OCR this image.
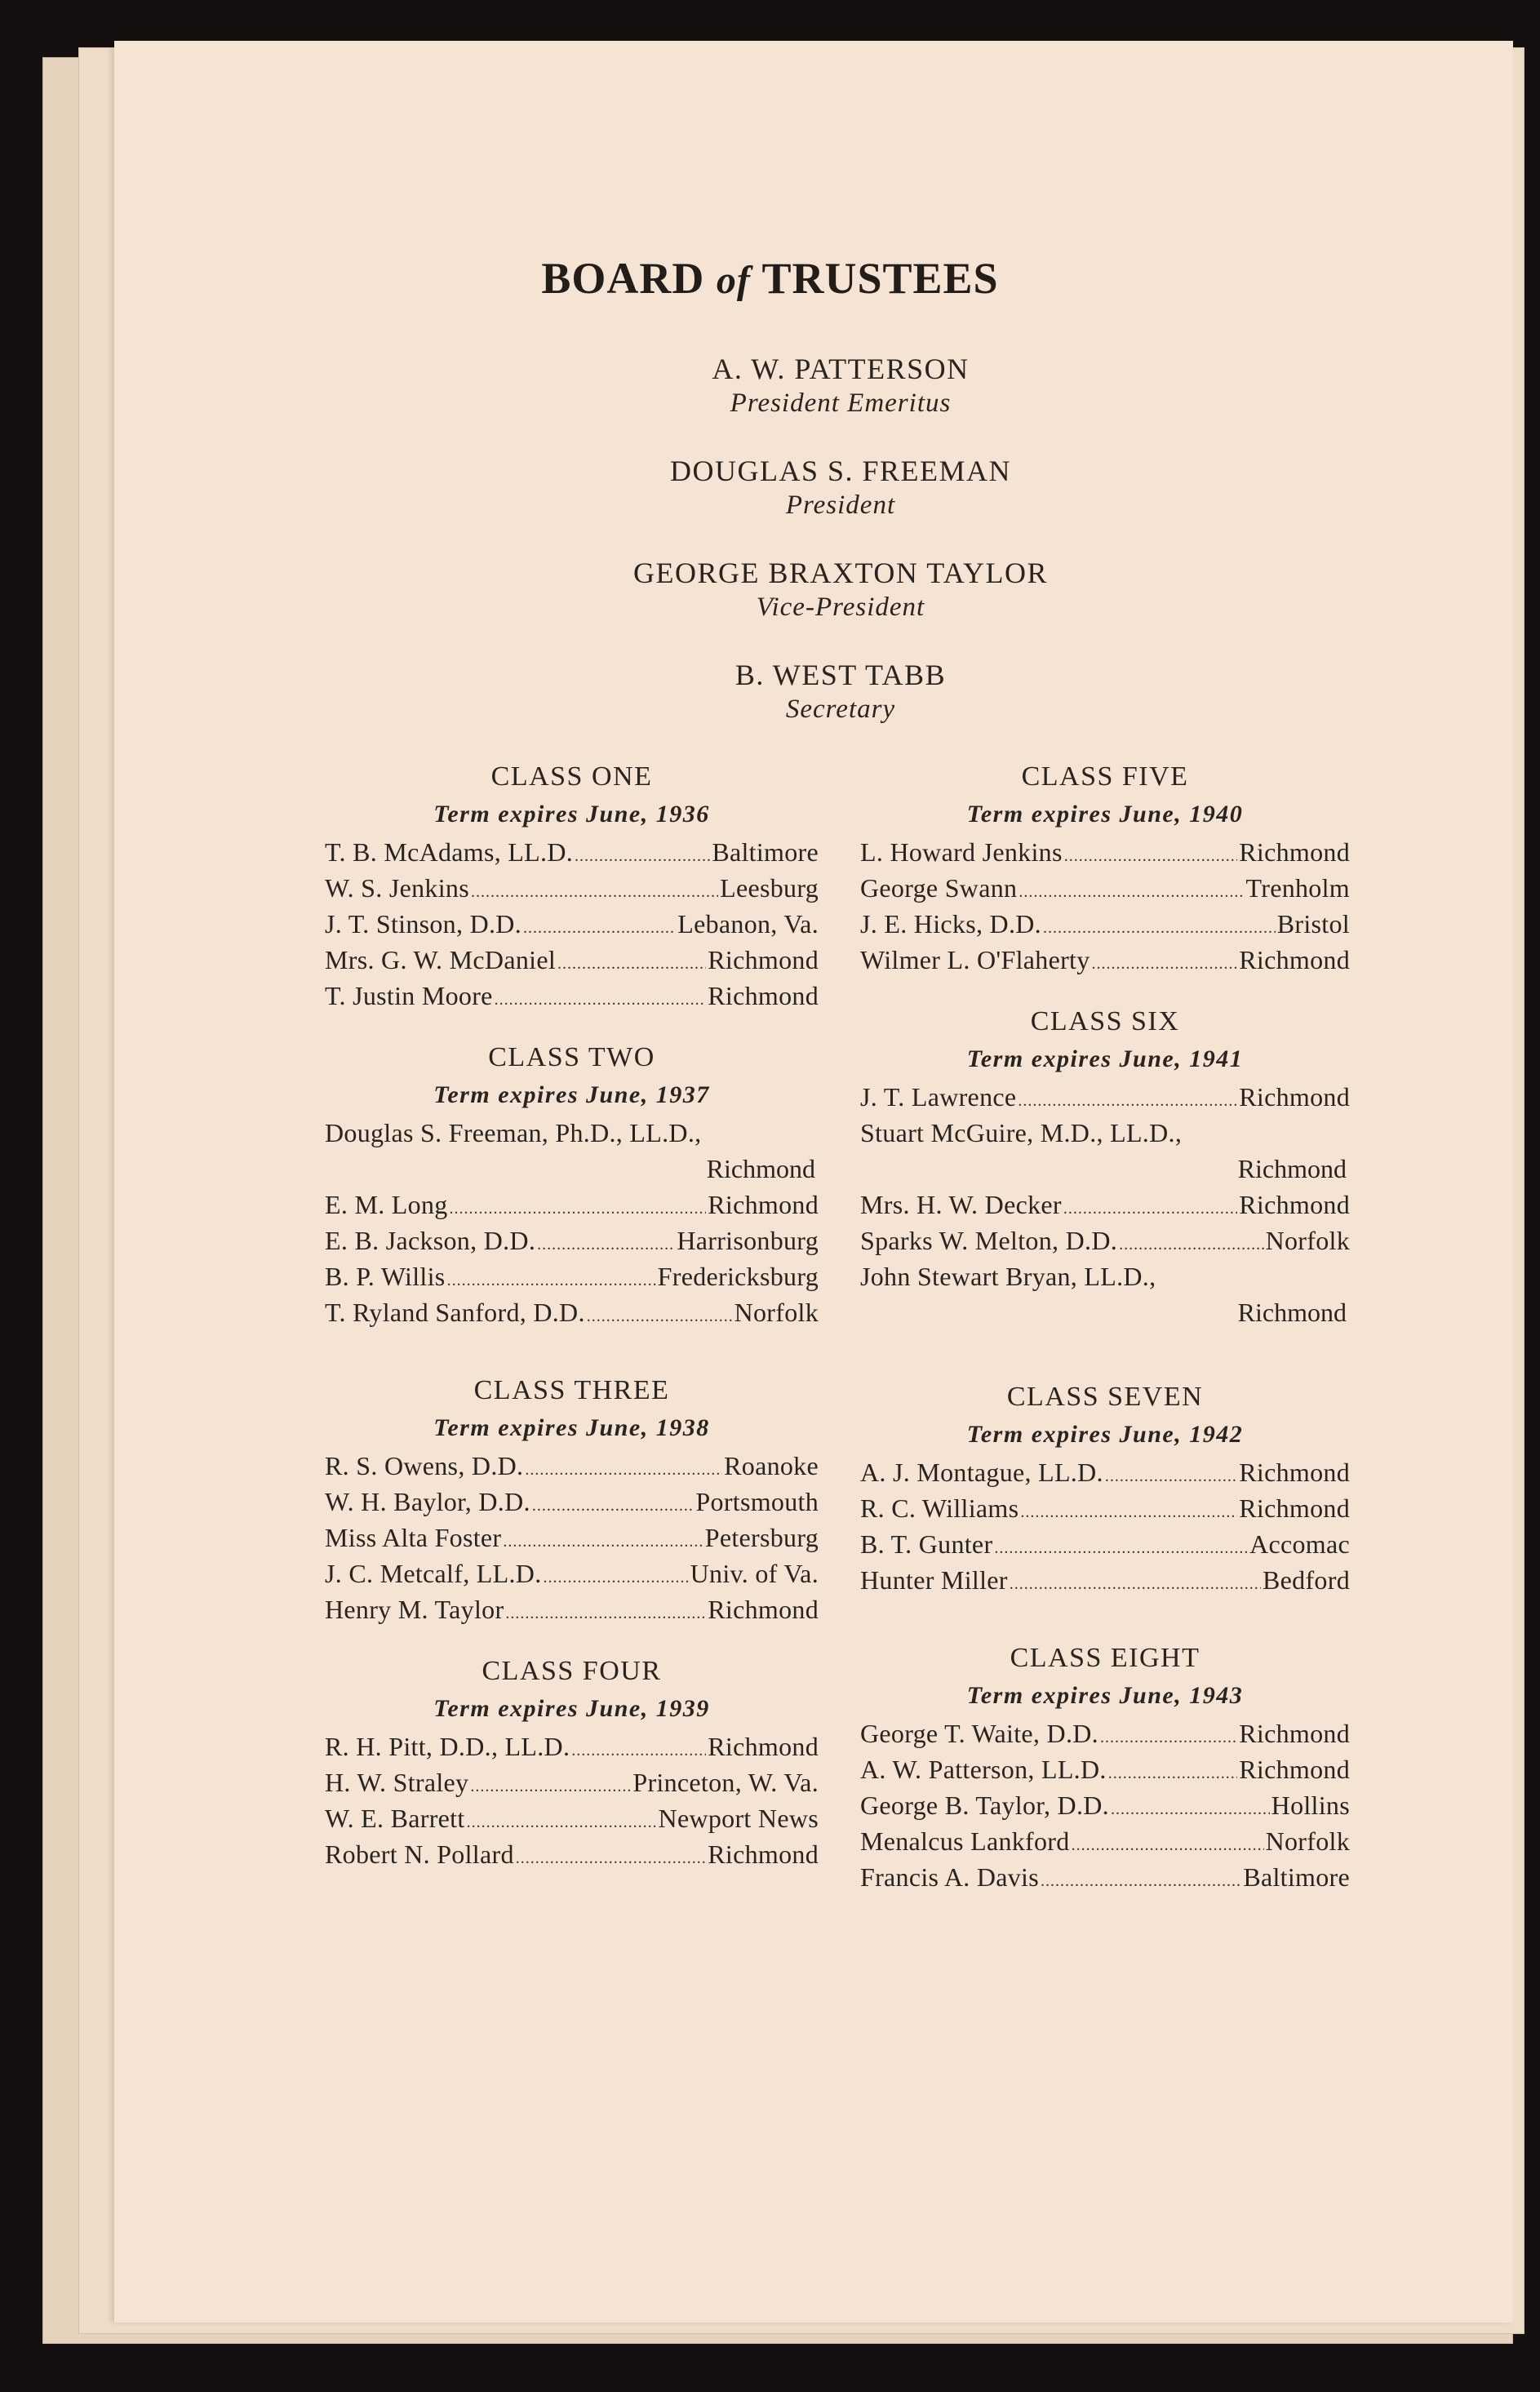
BOARD of TRUSTEES
A. W. PATTERSON
President Emeritus
DOUGLAS S. FREEMAN
President
GEORGE BRAXTON TAYLOR
Vice-President
B. WEST TABB
Secretary
CLASS ONE
Term expires June, 1936
T. B. McAdams, LL.D. .....	Baltimore
W. S. Jenkins .....	Leesburg
J. T. Stinson, D.D. .....	Lebanon, Va.
Mrs. G. W. McDaniel .....	Richmond
T. Justin Moore .....	Richmond
CLASS TWO
Term expires June, 1937
Douglas S. Freeman, Ph.D., LL.D.,
Richmond
E. M. Long .....	Richmond
E. B. Jackson, D.D. .....	Harrisonburg
B. P. Willis .....	Fredericksburg
T. Ryland Sanford, D.D. .....	Norfolk
CLASS THREE
Term expires June, 1938
R. S. Owens, D.D. .....	Roanoke
W. H. Baylor, D.D. .....	Portsmouth
Miss Alta Foster .....	Petersburg
J. C. Metcalf, LL.D. .....	Univ. of Va.
Henry M. Taylor .....	Richmond
CLASS FOUR
Term expires June, 1939
R. H. Pitt, D.D., LL.D. .....	Richmond
H. W. Straley .....	Princeton, W. Va.
W. E. Barrett .....	Newport News
Robert N. Pollard .....	Richmond
CLASS FIVE
Term expires June, 1940
L. Howard Jenkins .....	Richmond
George Swann .....	Trenholm
J. E. Hicks, D.D. .....	Bristol
Wilmer L. O'Flaherty .....	Richmond
CLASS SIX
Term expires June, 1941
J. T. Lawrence .....	Richmond
Stuart McGuire, M.D., LL.D.,
Richmond
Mrs. H. W. Decker .....	Richmond
Sparks W. Melton, D.D. .....	Norfolk
John Stewart Bryan, LL.D.,
Richmond
CLASS SEVEN
Term expires June, 1942
A. J. Montague, LL.D. .....	Richmond
R. C. Williams .....	Richmond
B. T. Gunter .....	Accomac
Hunter Miller .....	Bedford
CLASS EIGHT
Term expires June, 1943
George T. Waite, D.D. .....	Richmond
A. W. Patterson, LL.D. .....	Richmond
George B. Taylor, D.D. .....	Hollins
Menalcus Lankford .....	Norfolk
Francis A. Davis .....	Baltimore
